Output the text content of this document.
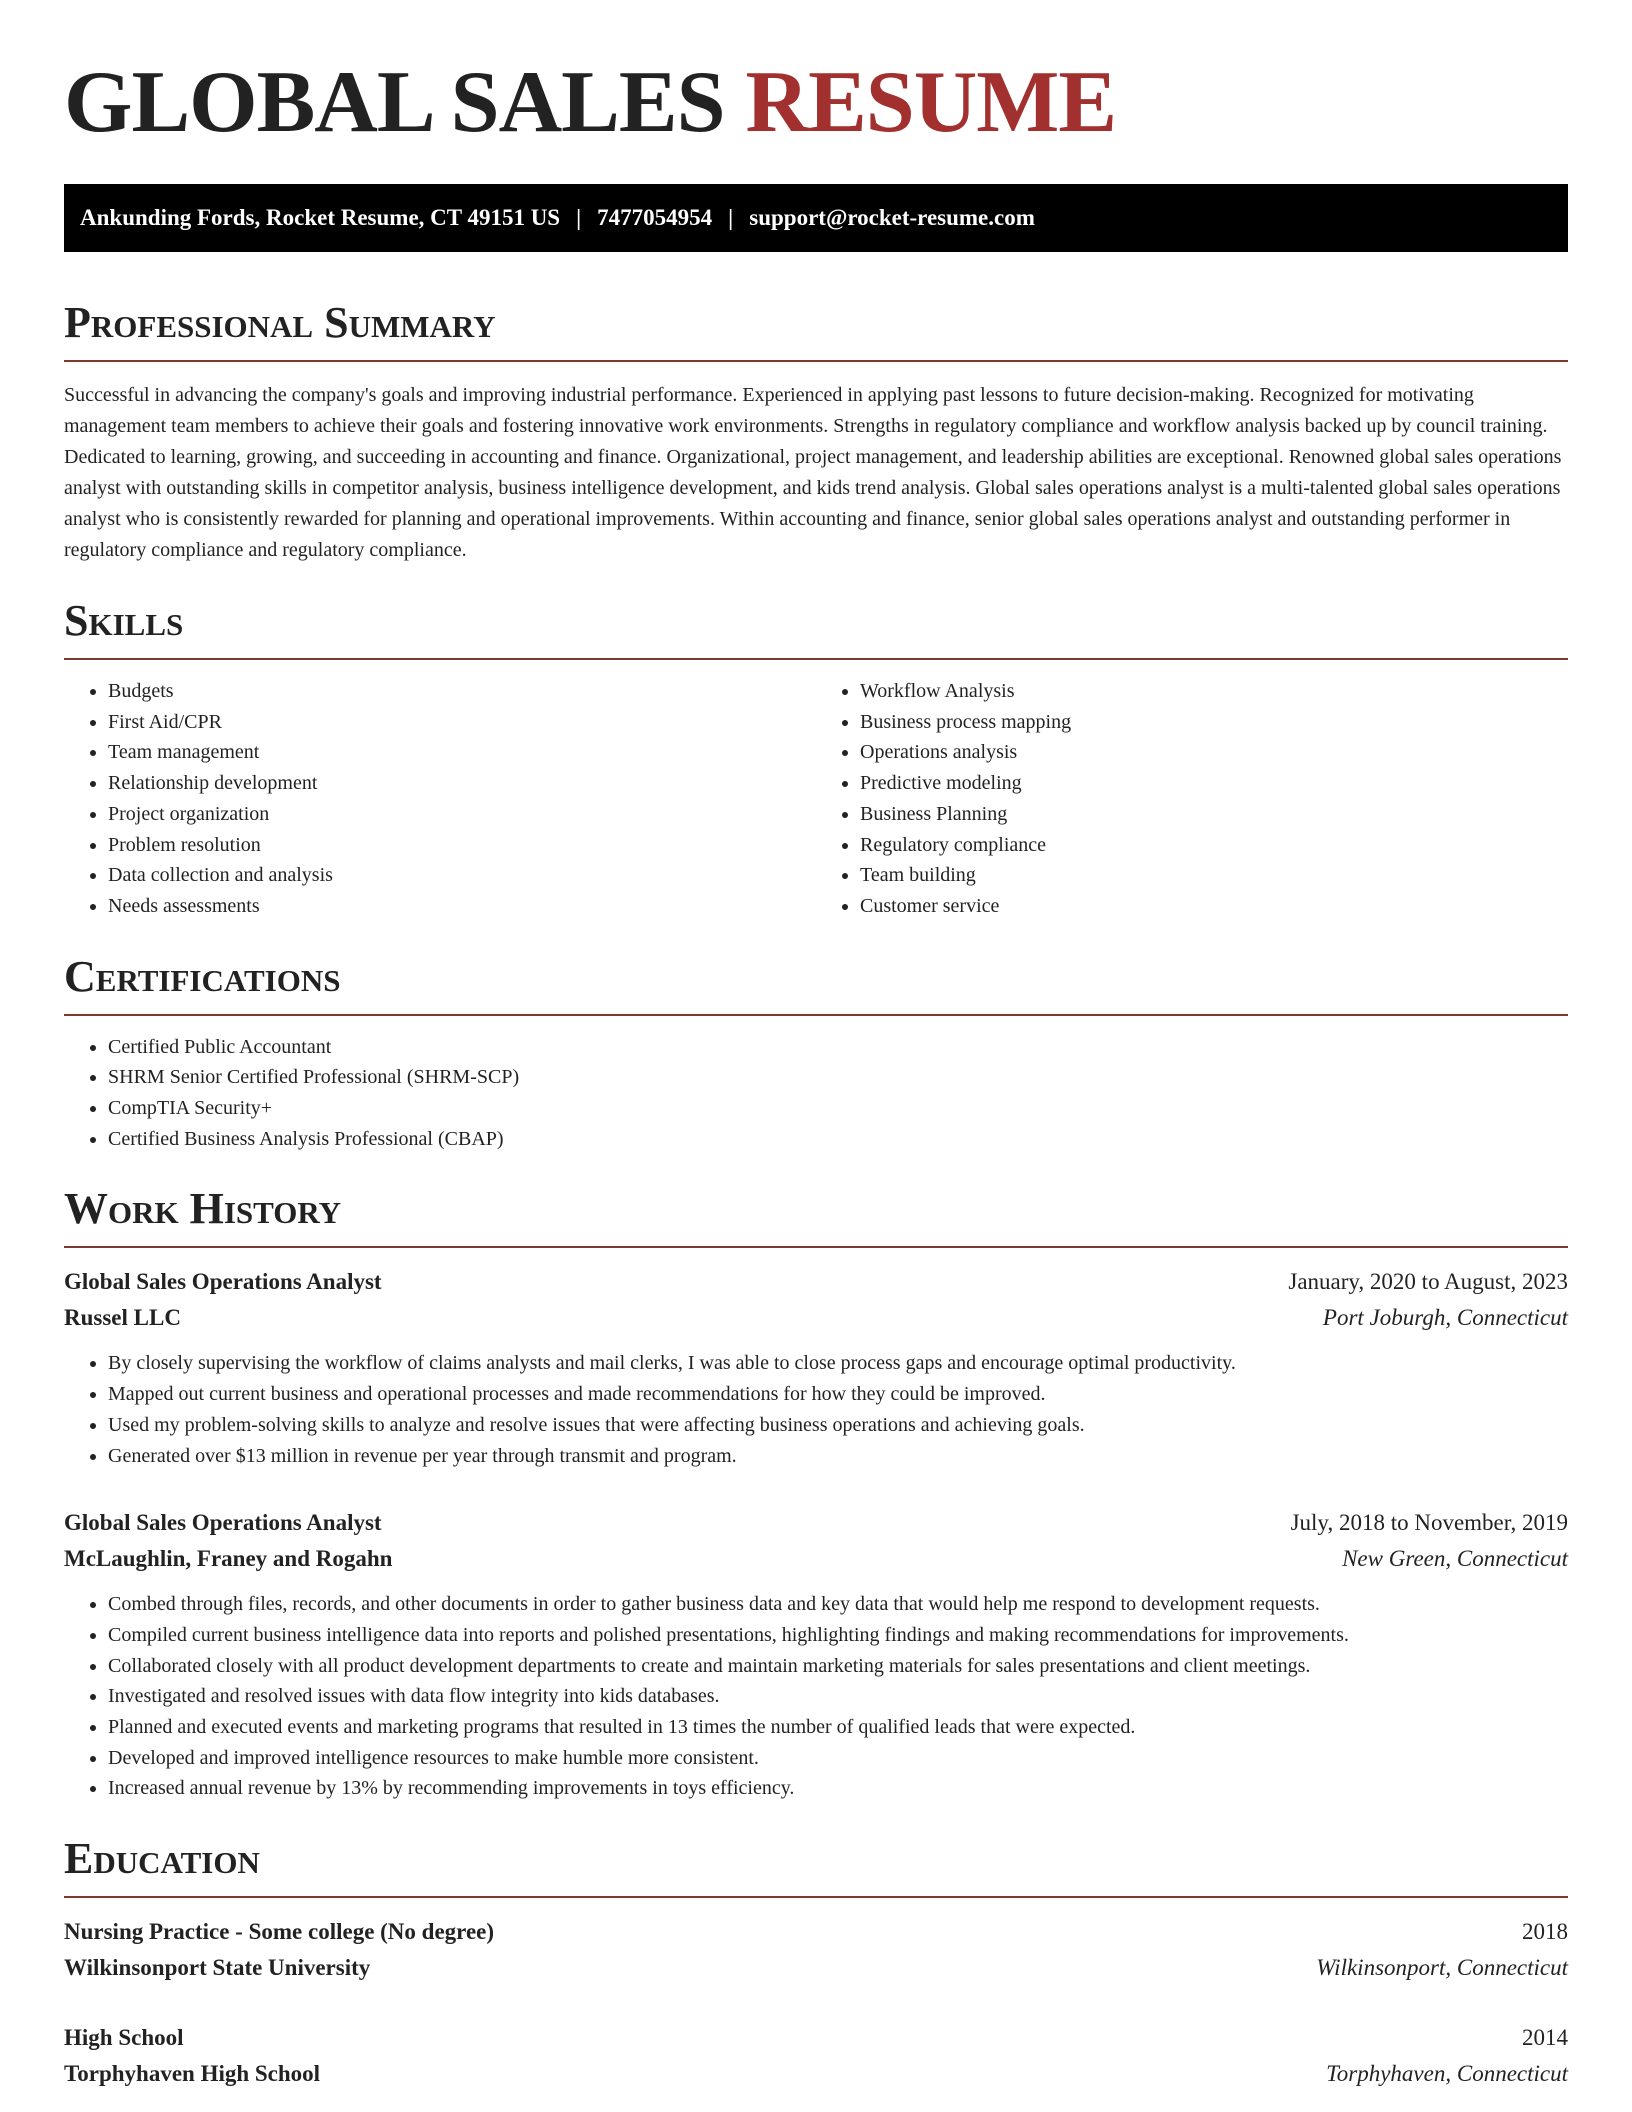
GLOBAL SALES RESUME
Ankunding Fords, Rocket Resume, CT 49151 US | 7477054954 | support@rocket-resume.com
Professional Summary

Successful in advancing the company's goals and improving industrial performance. Experienced in applying past lessons to future decision-making. Recognized for motivating management team members to achieve their goals and fostering innovative work environments. Strengths in regulatory compliance and workflow analysis backed up by council training. Dedicated to learning, growing, and succeeding in accounting and finance. Organizational, project management, and leadership abilities are exceptional. Renowned global sales operations analyst with outstanding skills in competitor analysis, business intelligence development, and kids trend analysis. Global sales operations analyst is a multi-talented global sales operations analyst who is consistently rewarded for planning and operational improvements. Within accounting and finance, senior global sales operations analyst and outstanding performer in regulatory compliance and regulatory compliance.

Skills
• Budgets
• First Aid/CPR
• Team management
• Relationship development
• Project organization
• Problem resolution
• Data collection and analysis
• Needs assessments
• Workflow Analysis
• Business process mapping
• Operations analysis
• Predictive modeling
• Business Planning
• Regulatory compliance
• Team building
• Customer service
Certifications
• Certified Public Accountant
• SHRM Senior Certified Professional (SHRM-SCP)
• CompTIA Security+
• Certified Business Analysis Professional (CBAP)
Work History
Global Sales Operations Analyst	January, 2020 to August, 2023
Russel LLC	Port Joburgh, Connecticut
• By closely supervising the workflow of claims analysts and mail clerks, I was able to close process gaps and encourage optimal productivity.
• Mapped out current business and operational processes and made recommendations for how they could be improved.
• Used my problem-solving skills to analyze and resolve issues that were affecting business operations and achieving goals.
• Generated over $13 million in revenue per year through transmit and program.
Global Sales Operations Analyst	July, 2018 to November, 2019
McLaughlin, Franey and Rogahn	New Green, Connecticut
• Combed through files, records, and other documents in order to gather business data and key data that would help me respond to development requests.
• Compiled current business intelligence data into reports and polished presentations, highlighting findings and making recommendations for improvements.
• Collaborated closely with all product development departments to create and maintain marketing materials for sales presentations and client meetings.
• Investigated and resolved issues with data flow integrity into kids databases.
• Planned and executed events and marketing programs that resulted in 13 times the number of qualified leads that were expected.
• Developed and improved intelligence resources to make humble more consistent.
• Increased annual revenue by 13% by recommending improvements in toys efficiency.
Education
Nursing Practice - Some college (No degree)	2018
Wilkinsonport State University	Wilkinsonport, Connecticut
High School	2014
Torphyhaven High School	Torphyhaven, Connecticut
